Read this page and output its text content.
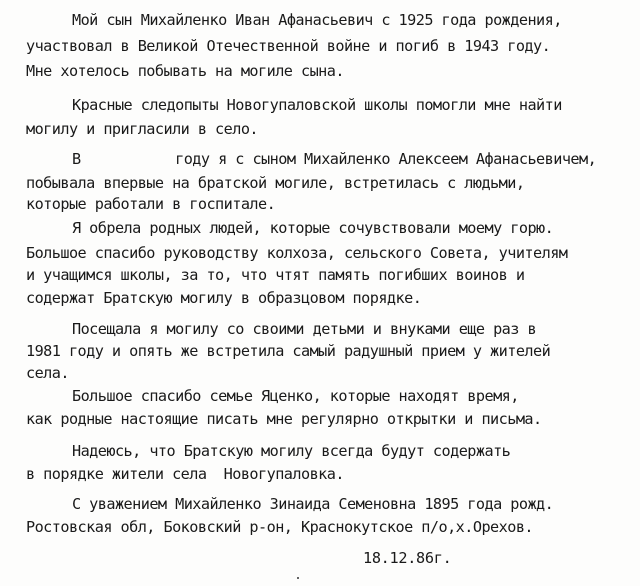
Мой сын Михайленко Иван Афанасьевич с 1925 года рождения,
участвовал в Великой Отечественной войне и погиб в 1943 году.
Мне хотелось побывать на могиле сына.
Красные следопыты Новогупаловской школы помогли мне найти
могилу и пригласили в село.
В           году я с сыном Михайленко Алексеем Афанасьевичем,
побывала впервые на братской могиле, встретилась с людьми,
которые работали в госпитале.
Я обрела родных людей, которые сочувствовали моему горю.
Большое спасибо руководству колхоза, сельского Совета, учителям
и учащимся школы, за то, что чтят память погибших воинов и
содержат Братскую могилу в образцовом порядке.
Посещала я могилу со своими детьми и внуками еще раз в
1981 году и опять же встретила самый радушный прием у жителей
села.
Большое спасибо семье Яценко, которые находят время,
как родные настоящие писать мне регулярно открытки и письма.
Надеюсь, что Братскую могилу всегда будут содержать
в порядке жители села  Новогупаловка.
С уважением Михайленко Зинаида Семеновна 1895 года рожд.
Ростовская обл, Боковский р-он, Краснокутское п/о,х.Орехов.
18.12.86г.
